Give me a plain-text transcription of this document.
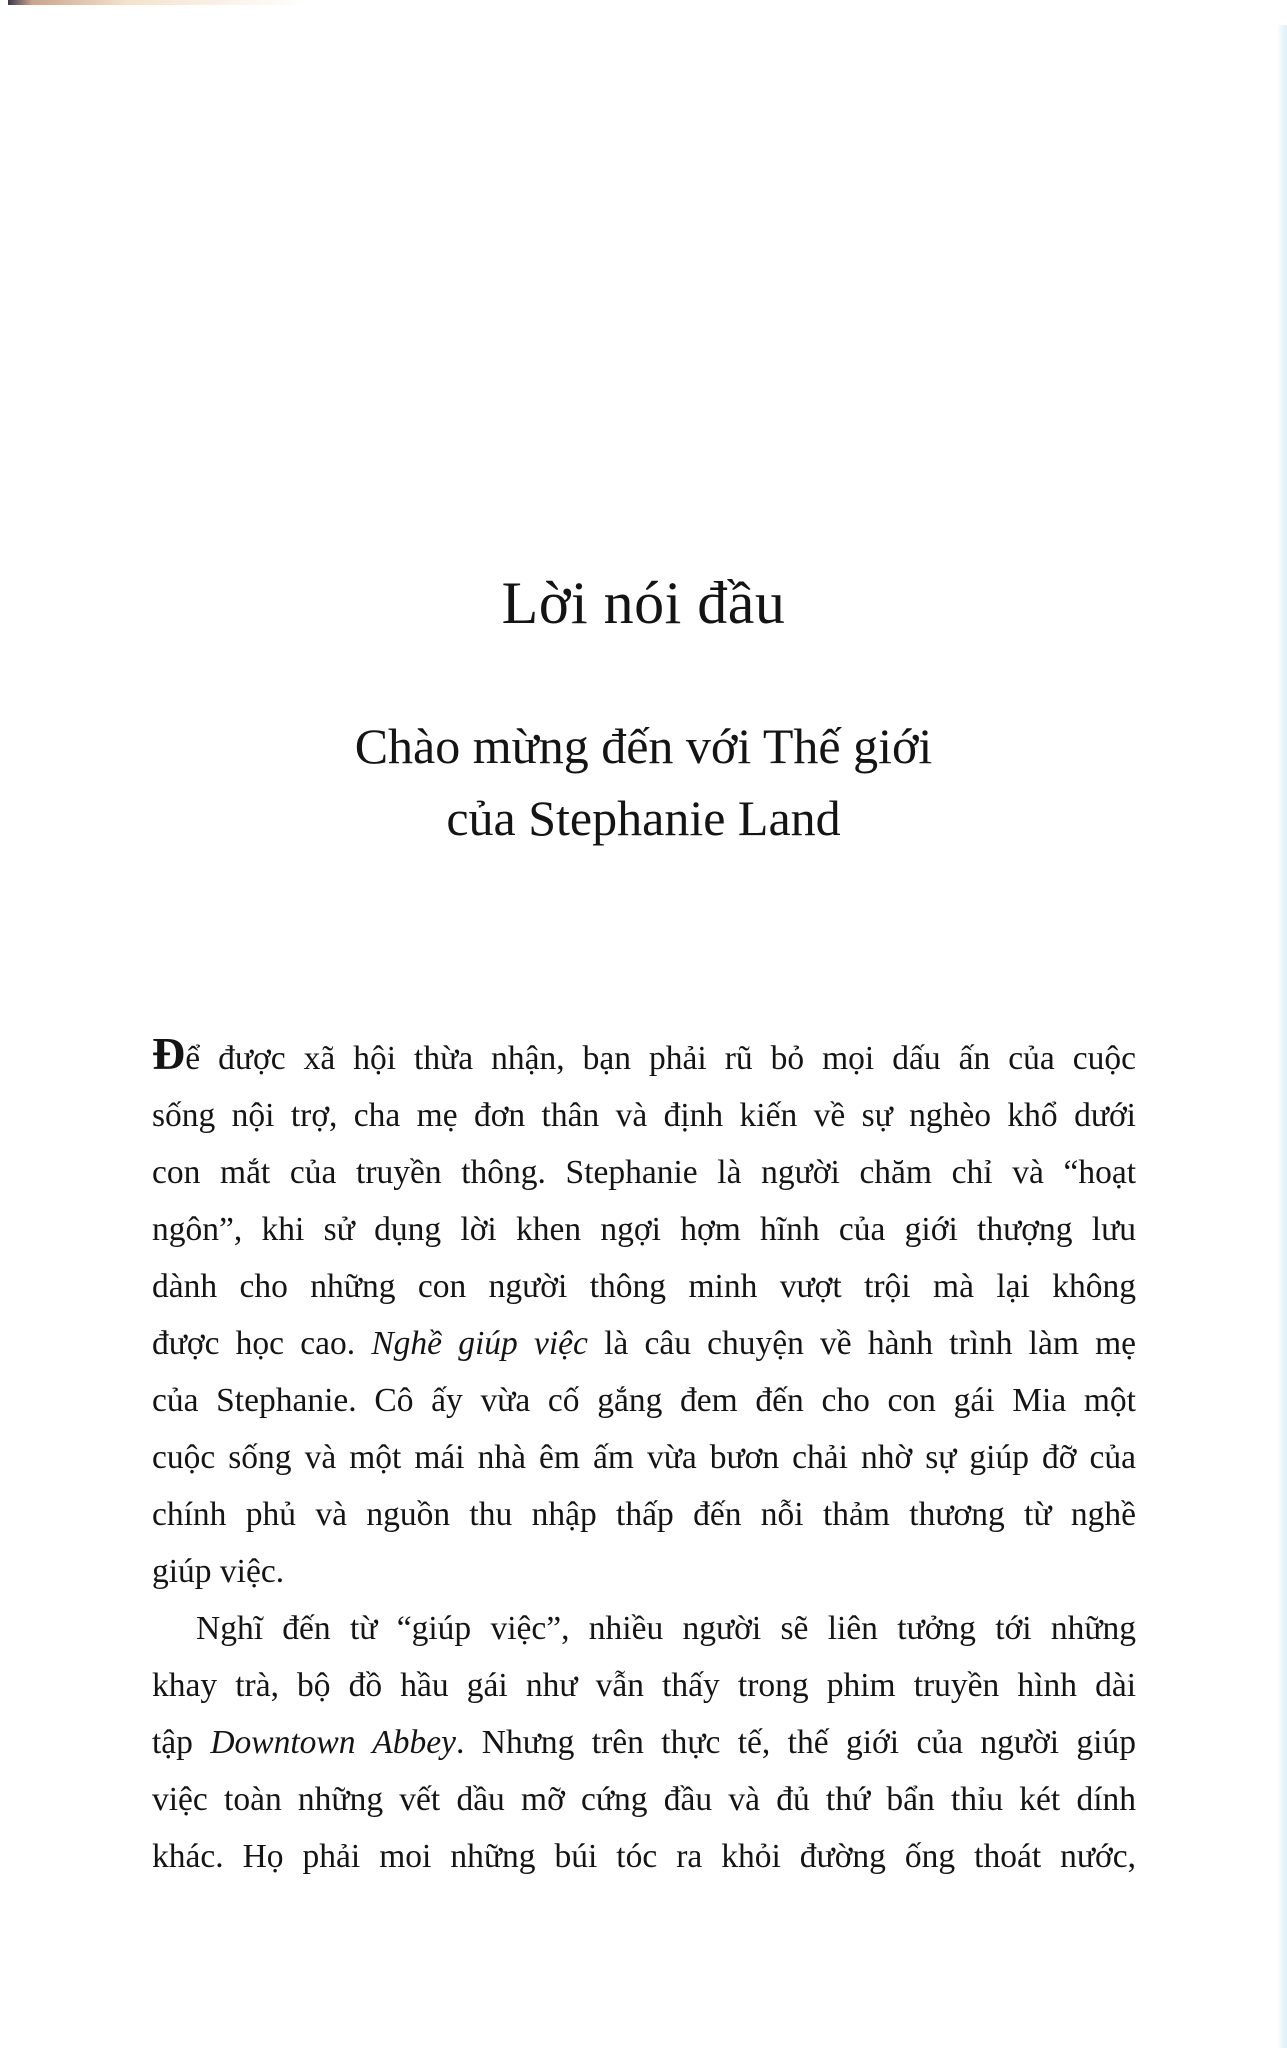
Lời nói đầu
Chào mừng đến với Thế giới
của Stephanie Land

Để được xã hội thừa nhận, bạn phải rũ bỏ mọi dấu ấn của cuộc
sống nội trợ, cha mẹ đơn thân và định kiến về sự nghèo khổ dưới
con mắt của truyền thông. Stephanie là người chăm chỉ và “hoạt
ngôn”, khi sử dụng lời khen ngợi hợm hĩnh của giới thượng lưu
dành cho những con người thông minh vượt trội mà lại không
được học cao. Nghề giúp việc là câu chuyện về hành trình làm mẹ
của Stephanie. Cô ấy vừa cố gắng đem đến cho con gái Mia một
cuộc sống và một mái nhà êm ấm vừa bươn chải nhờ sự giúp đỡ của
chính phủ và nguồn thu nhập thấp đến nỗi thảm thương từ nghề
giúp việc.

Nghĩ đến từ “giúp việc”, nhiều người sẽ liên tưởng tới những
khay trà, bộ đồ hầu gái như vẫn thấy trong phim truyền hình dài
tập Downtown Abbey. Nhưng trên thực tế, thế giới của người giúp
việc toàn những vết dầu mỡ cứng đầu và đủ thứ bẩn thỉu két dính
khác. Họ phải moi những búi tóc ra khỏi đường ống thoát nước,
